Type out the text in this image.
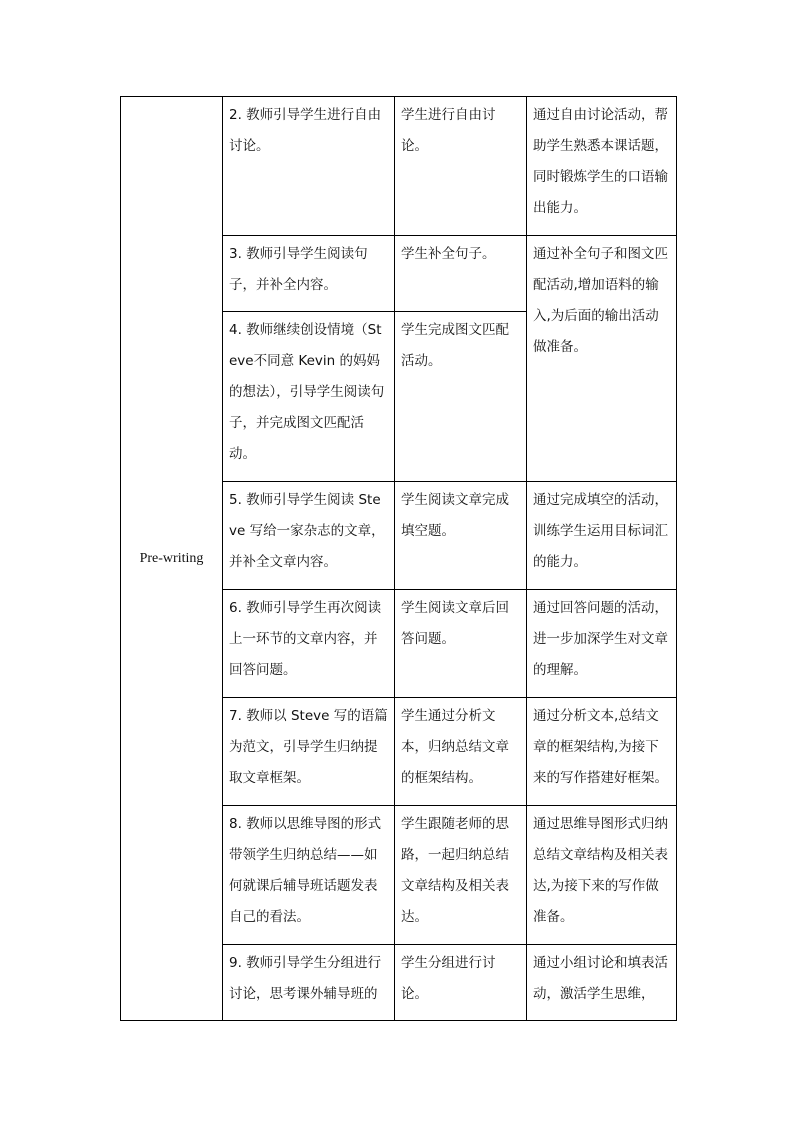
Pre-writing	2. 教师引导学生进行自由讨论。	学生进行自由讨论。	通过自由讨论活动，帮助学生熟悉本课话题，同时锻炼学生的口语输出能力。
	3. 教师引导学生阅读句子，并补全内容。	学生补全句子。	通过补全句子和图文匹配活动,增加语料的输入,为后面的输出活动做准备。
	4. 教师继续创设情境（Steve不同意 Kevin 的妈妈的想法），引导学生阅读句子，并完成图文匹配活动。	学生完成图文匹配活动。	
	5. 教师引导学生阅读 Steve 写给一家杂志的文章，并补全文章内容。	学生阅读文章完成填空题。	通过完成填空的活动，训练学生运用目标词汇的能力。
	6. 教师引导学生再次阅读上一环节的文章内容，并回答问题。	学生阅读文章后回答问题。	通过回答问题的活动，进一步加深学生对文章的理解。
	7. 教师以 Steve 写的语篇为范文，引导学生归纳提取文章框架。	学生通过分析文本，归纳总结文章的框架结构。	通过分析文本,总结文章的框架结构,为接下来的写作搭建好框架。
	8. 教师以思维导图的形式带领学生归纳总结——如何就课后辅导班话题发表自己的看法。	学生跟随老师的思路，一起归纳总结文章结构及相关表达。	通过思维导图形式归纳总结文章结构及相关表达,为接下来的写作做准备。
	9. 教师引导学生分组进行讨论，思考课外辅导班的	学生分组进行讨论。	通过小组讨论和填表活动，激活学生思维，
